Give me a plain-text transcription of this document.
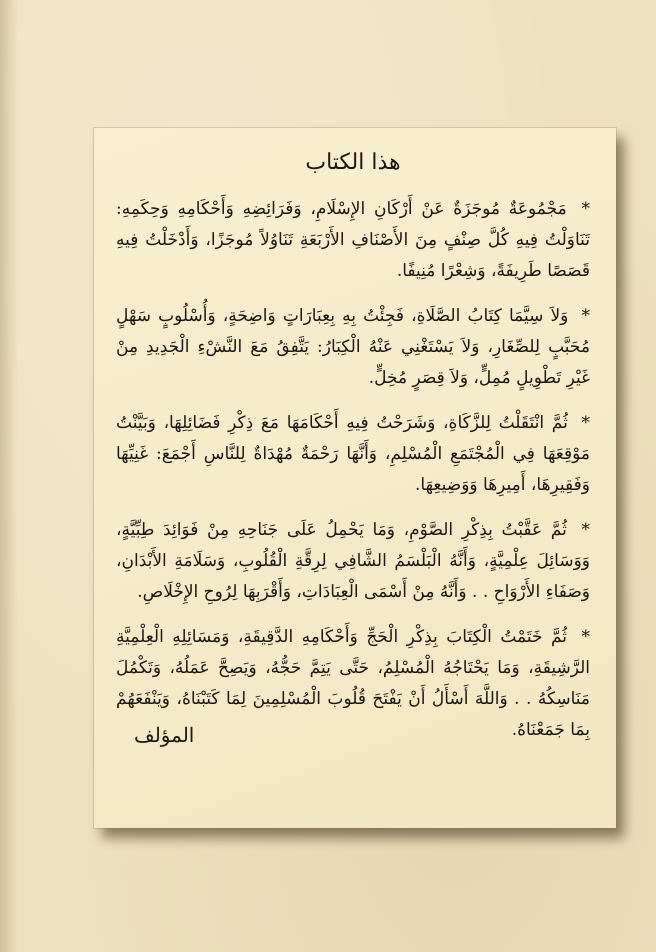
هذا الكتاب

* مَجْمُوعَةٌ مُوجَزَةٌ عَنْ أَرْكَانِ الإِسْلَامِ، وَفَرَائِضِهِ وَأَحْكَامِهِ وَحِكَمِهِ: تَنَاوَلْتُ فِيهِ كُلَّ صِنْفٍ مِنَ الأَصْنَافِ الأَرْبَعَةِ تَنَاوُلاً مُوجَزًا، وَأَدْخَلْتُ فِيهِ قَصَصًا طَرِيفَةً، وَشِعْرًا مُنِيفًا.

* وَلاَ سِيَّمَا كِتَابُ الصَّلَاةِ، فَجِئْتُ بِهِ بِعِبَارَاتٍ وَاضِحَةٍ، وَأُسْلُوبٍ سَهْلٍ مُحَبَّبٍ لِلصِّغَارِ، وَلاَ يَسْتَغْنِي عَنْهُ الْكِبَارُ: يَتَّفِقُ مَعَ النَّشْءِ الْجَدِيدِ مِنْ غَيْرِ تَطْوِيلٍ مُمِلٍّ، وَلاَ قِصَرٍ مُخِلٍّ.

* ثُمَّ انْتَقَلْتُ لِلزَّكَاةِ، وَشَرَحْتُ فِيهِ أَحْكَامَهَا مَعَ ذِكْرِ فَضَائِلِهَا، وَبَيَّنْتُ مَوْقِعَهَا فِي الْمُجْتَمَعِ الْمُسْلِمِ، وَأَنَّهَا رَحْمَةٌ مُهْدَاةٌ لِلنَّاسِ أَجْمَعَ: غَنِيِّهَا وَفَقِيرِهَا، أَمِيرِهَا وَوَضِيعِهَا.

* ثُمَّ عَقَّبْتُ بِذِكْرِ الصَّوْمِ، وَمَا يَحْمِلُ عَلَى جَنَاحِهِ مِنْ فَوَائِدَ طِبِّيَّةٍ، وَوَسَائِلَ عِلْمِيَّةٍ، وَأَنَّهُ الْبَلْسَمُ الشَّافِي لِرِقَّةِ الْقُلُوبِ، وَسَلَامَةِ الأَبْدَانِ، وَصَفَاءِ الأَرْوَاحِ . . وَأَنَّهُ مِنْ أَسْمَى الْعِبَادَاتِ، وَأَقْرَبِهَا لِرُوحِ الإِخْلَاصِ.

* ثُمَّ خَتَمْتُ الْكِتَابَ بِذِكْرِ الْحَجِّ وَأَحْكَامِهِ الدَّقِيقَةِ، وَمَسَائِلِهِ الْعِلْمِيَّةِ الرَّشِيقَةِ، وَمَا يَحْتَاجُهُ الْمُسْلِمُ، حَتَّى يَتِمَّ حَجُّهُ، وَيَصِحَّ عَمَلُهُ، وَتَكْمُلَ مَنَاسِكُهُ . . وَاللَّهَ أَسْأَلُ أَنْ يَفْتَحَ قُلُوبَ الْمُسْلِمِينَ لِمَا كَتَبْنَاهُ، وَيَنْفَعَهُمْ بِمَا جَمَعْنَاهُ.

المؤلف
